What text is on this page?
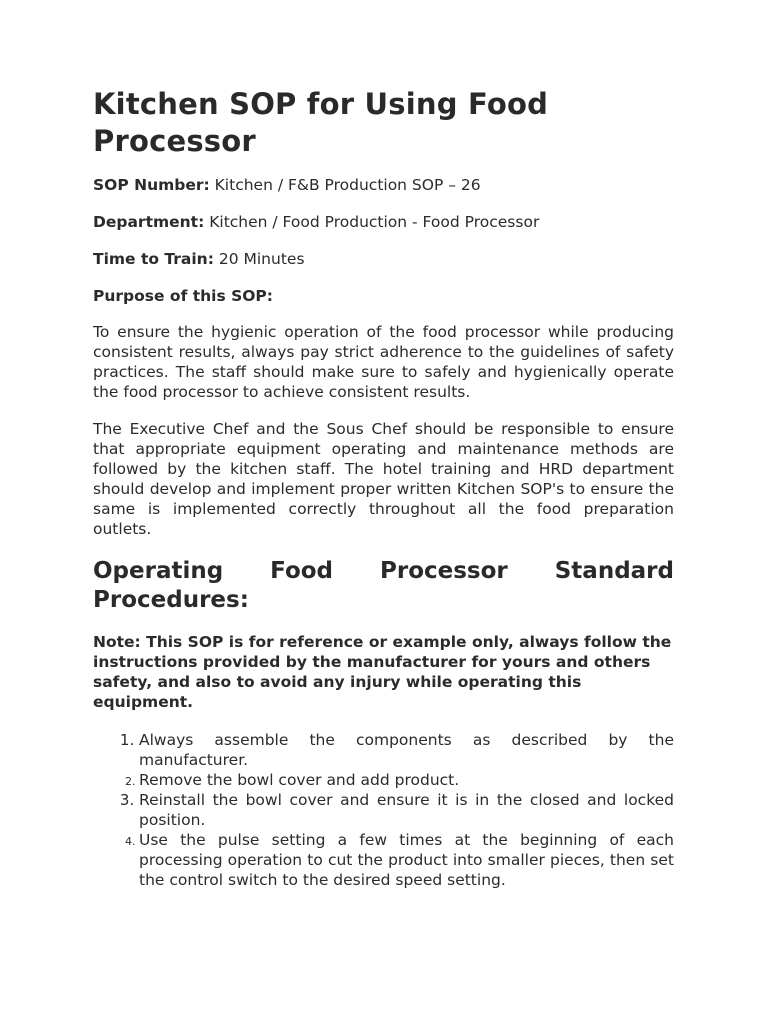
Kitchen SOP for Using Food Processor

SOP Number: Kitchen / F&B Production SOP – 26

Department: Kitchen / Food Production - Food Processor

Time to Train: 20 Minutes

Purpose of this SOP:

To ensure the hygienic operation of the food processor while producing consistent results, always pay strict adherence to the guidelines of safety practices. The staff should make sure to safely and hygienically operate the food processor to achieve consistent results.

The Executive Chef and the Sous Chef should be responsible to ensure that appropriate equipment operating and maintenance methods are followed by the kitchen staff. The hotel training and HRD department should develop and implement proper written Kitchen SOP's to ensure the same is implemented correctly throughout all the food preparation outlets.

Operating Food Processor Standard
Procedures:

Note: This SOP is for reference or example only, always follow the instructions provided by the manufacturer for yours and others safety, and also to avoid any injury while operating this equipment.

1. Always assemble the components as described by the manufacturer.
2. Remove the bowl cover and add product.
3. Reinstall the bowl cover and ensure it is in the closed and locked position.
4. Use the pulse setting a few times at the beginning of each processing operation to cut the product into smaller pieces, then set the control switch to the desired speed setting.
